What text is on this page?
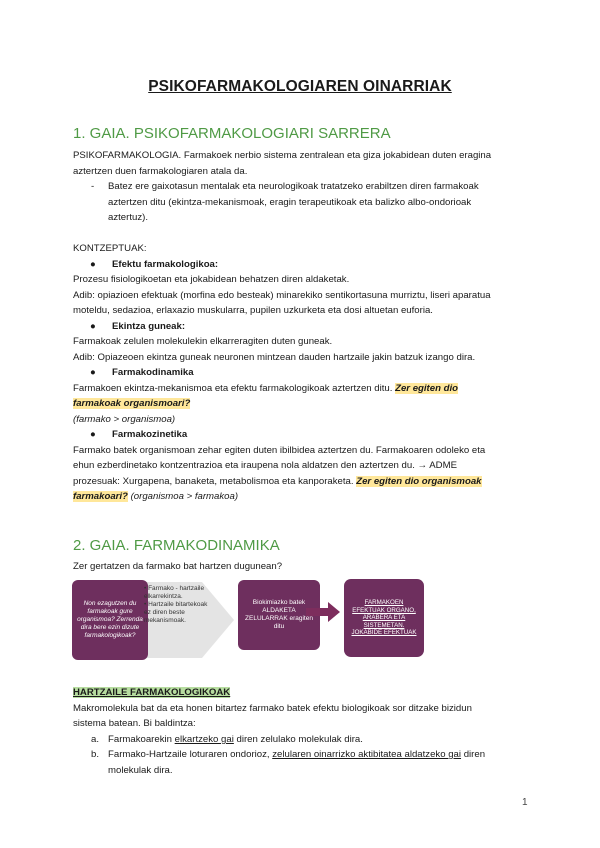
PSIKOFARMAKOLOGIAREN OINARRIAK
1. GAIA. PSIKOFARMAKOLOGIARI SARRERA
PSIKOFARMAKOLOGIA. Farmakoek nerbio sistema zentralean eta giza jokabidean duten eragina
aztertzen duen farmakologiaren atala da.
- Batez ere gaixotasun mentalak eta neurologikoak tratatzeko erabiltzen diren farmakoak
aztertzen ditu (ekintza-mekanismoak, eragin terapeutikoak eta balizko albo-ondorioak
aztertuz).
KONTZEPTUAK:
● Efektu farmakologikoa:
Prozesu fisiologikoetan eta jokabidean behatzen diren aldaketak.
Adib: opiazioen efektuak (morfina edo besteak) minarekiko sentikortasuna murriztu, liseri aparatua
moteldu, sedazioa, erlaxazio muskularra, pupilen uzkurketa eta dosi altuetan euforia.
● Ekintza guneak:
Farmakoak zelulen molekulekin elkarreragiten duten guneak.
Adib: Opiazeoen ekintza guneak neuronen mintzean dauden hartzaile jakin batzuk izango dira.
● Farmakodinamika
Farmakoen ekintza-mekanismoa eta efektu farmakologikoak aztertzen ditu. Zer egiten dio
farmakoak organismoari?
(farmako > organismoa)
● Farmakozinetika
Farmako batek organismoan zehar egiten duten ibilbidea aztertzen du. Farmakoaren odoleko eta
ehun ezberdinetako kontzentrazioa eta iraupena nola aldatzen den aztertzen du. → ADME
prozesuak: Xurgapena, banaketa, metabolismoa eta kanporaketa. Zer egiten dio organismoak
farmakoari? (organismoa > farmakoa)
2. GAIA. FARMAKODINAMIKA
Zer gertatzen da farmako bat hartzen dugunean?
Non ezagutzen du farmakoak gure organismoa? Zerrenda dira bere ezin dizute farmakologikoak?
• Farmako - hartzaile elkarrekintza.
• Hartzaile bitartekoak ez diren beste mekanismoak.
Biokimiazko batek ALDAKETA ZELULARRAK eragiten ditu
FARMAKOEN EFEKTUAK ORGANO, ARABERA ETA SISTEMETAN. JOKABIDE EFEKTUAK
HARTZAILE FARMAKOLOGIKOAK
Makromolekula bat da eta honen bitartez farmako batek efektu biologikoak sor ditzake bizidun
sistema batean. Bi baldintza:
a. Farmakoarekin elkartzeko gai diren zelulako molekulak dira.
b. Farmako-Hartzaile loturaren ondorioz, zelularen oinarrizko aktibitatea aldatzeko gai diren
molekulak dira.
1
